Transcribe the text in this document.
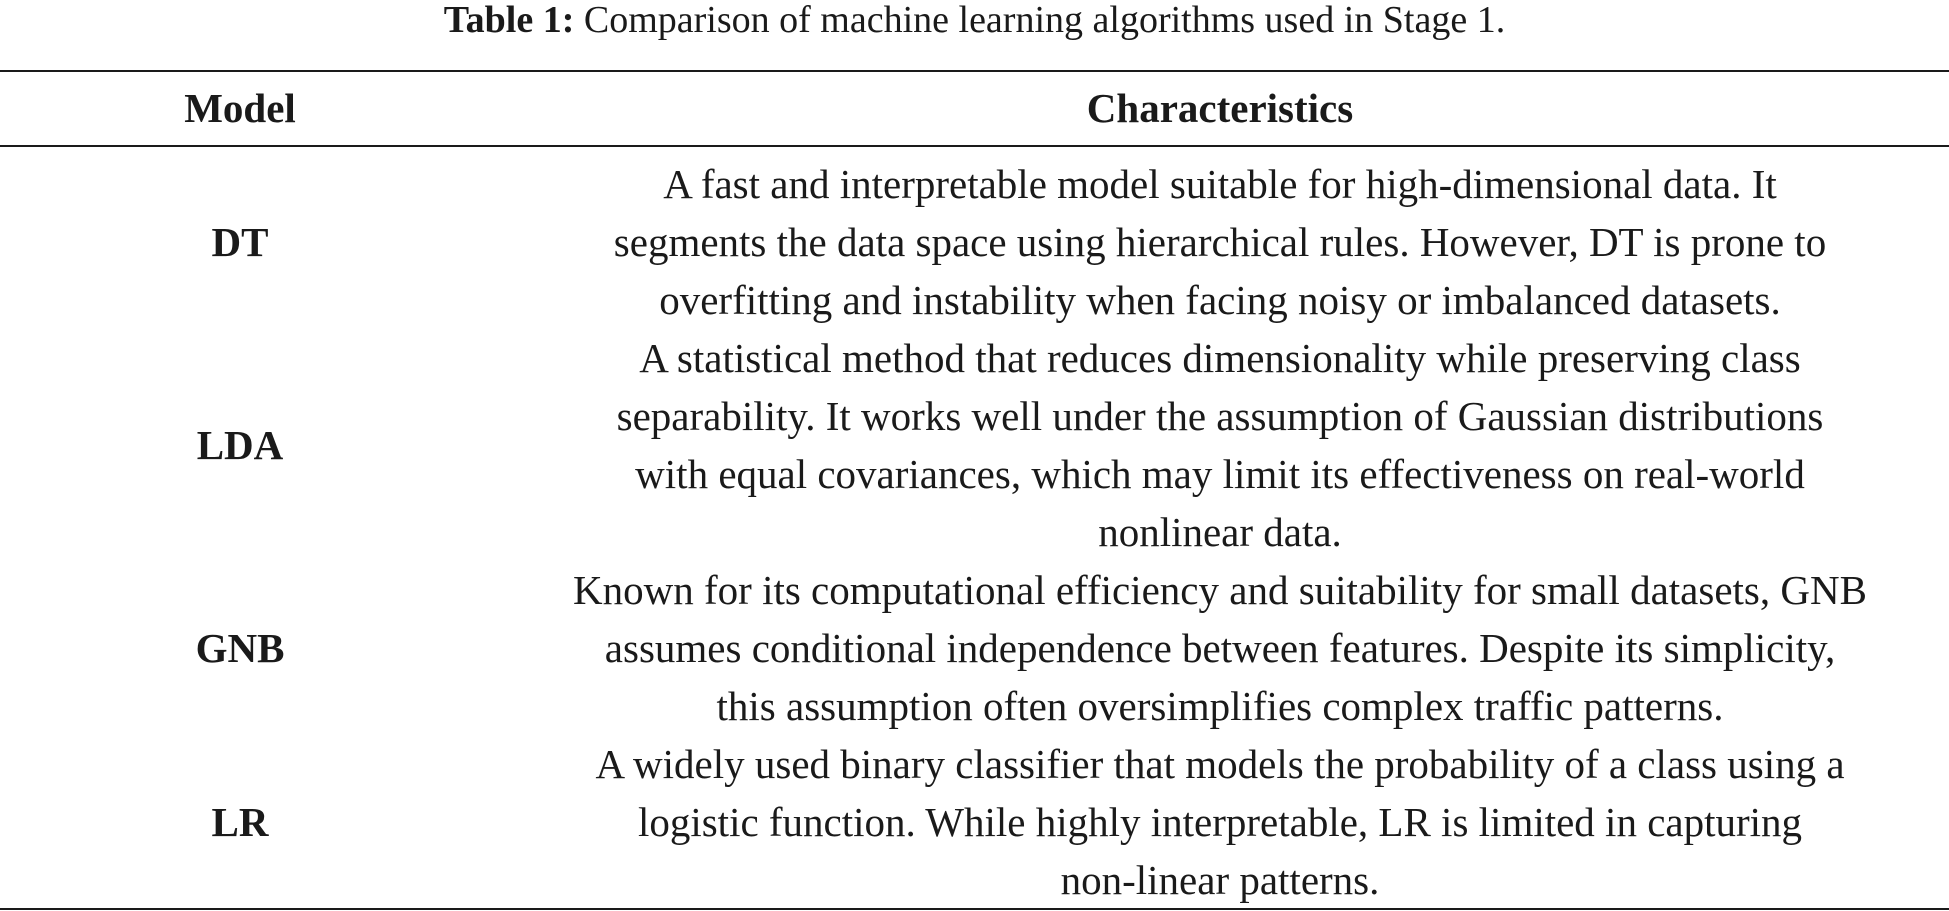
Table 1: Comparison of machine learning algorithms used in Stage 1.
Model	Characteristics
DT
A fast and interpretable model suitable for high-dimensional data. It
segments the data space using hierarchical rules. However, DT is prone to
overfitting and instability when facing noisy or imbalanced datasets.
LDA
A statistical method that reduces dimensionality while preserving class
separability. It works well under the assumption of Gaussian distributions
with equal covariances, which may limit its effectiveness on real-world
nonlinear data.
GNB
Known for its computational efficiency and suitability for small datasets, GNB
assumes conditional independence between features. Despite its simplicity,
this assumption often oversimplifies complex traffic patterns.
LR
A widely used binary classifier that models the probability of a class using a
logistic function. While highly interpretable, LR is limited in capturing
non-linear patterns.
